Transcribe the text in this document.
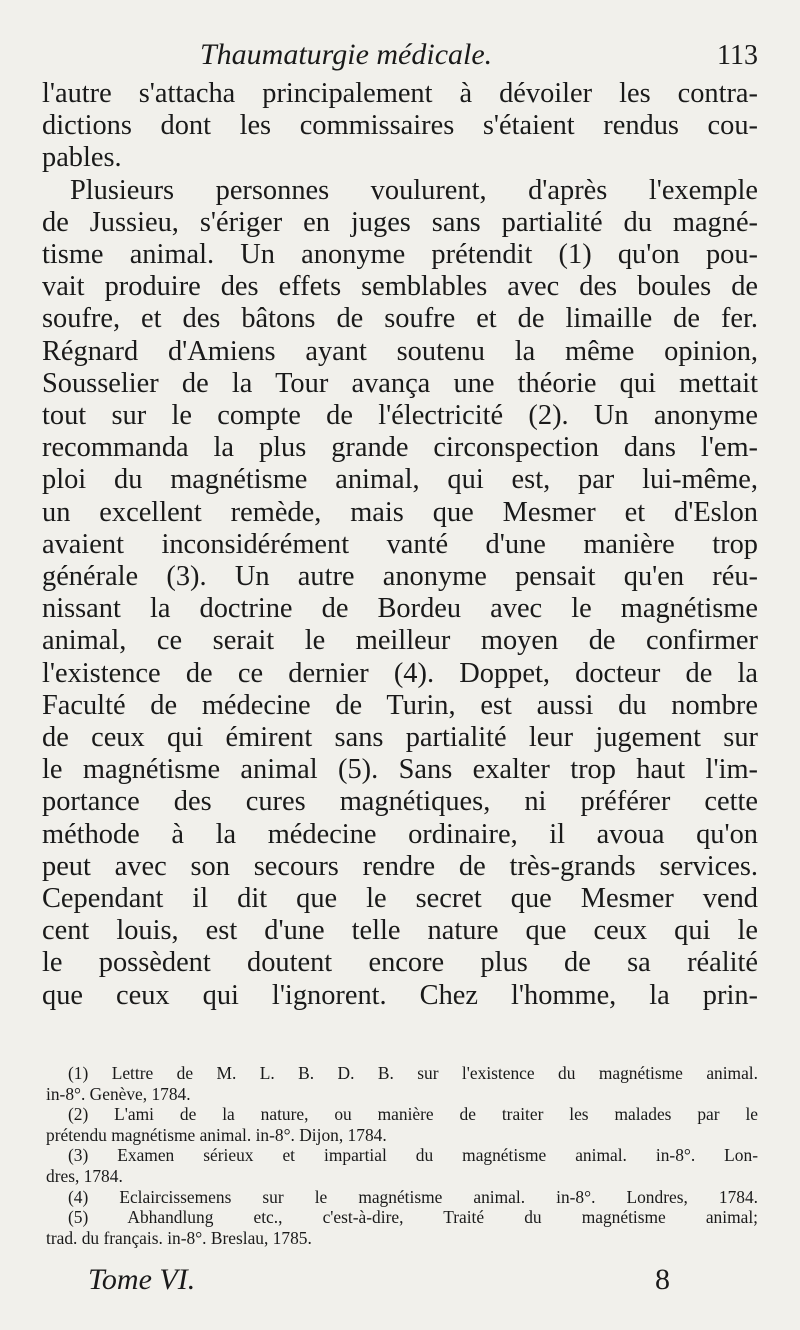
Thaumaturgie médicale.	113
l'autre s'attacha principalement à dévoiler les contra-
dictions dont les commissaires s'étaient rendus cou-
pables.
Plusieurs personnes voulurent, d'après l'exemple
de Jussieu, s'ériger en juges sans partialité du magné-
tisme animal. Un anonyme prétendit (1) qu'on pou-
vait produire des effets semblables avec des boules de
soufre, et des bâtons de soufre et de limaille de fer.
Régnard d'Amiens ayant soutenu la même opinion,
Sousselier de la Tour avança une théorie qui mettait
tout sur le compte de l'électricité (2). Un anonyme
recommanda la plus grande circonspection dans l'em-
ploi du magnétisme animal, qui est, par lui-même,
un excellent remède, mais que Mesmer et d'Eslon
avaient inconsidérément vanté d'une manière trop
générale (3). Un autre anonyme pensait qu'en réu-
nissant la doctrine de Bordeu avec le magnétisme
animal, ce serait le meilleur moyen de confirmer
l'existence de ce dernier (4). Doppet, docteur de la
Faculté de médecine de Turin, est aussi du nombre
de ceux qui émirent sans partialité leur jugement sur
le magnétisme animal (5). Sans exalter trop haut l'im-
portance des cures magnétiques, ni préférer cette
méthode à la médecine ordinaire, il avoua qu'on
peut avec son secours rendre de très-grands services.
Cependant il dit que le secret que Mesmer vend
cent louis, est d'une telle nature que ceux qui le
le possèdent doutent encore plus de sa réalité
que ceux qui l'ignorent. Chez l'homme, la prin-
(1) Lettre de M. L. B. D. B. sur l'existence du magnétisme animal.
in-8°. Genève, 1784.
(2) L'ami de la nature, ou manière de traiter les malades par le
prétendu magnétisme animal. in-8°. Dijon, 1784.
(3) Examen sérieux et impartial du magnétisme animal. in-8°. Lon-
dres, 1784.
(4) Eclaircissemens sur le magnétisme animal. in-8°. Londres, 1784.
(5) Abhandlung etc., c'est-à-dire, Traité du magnétisme animal;
trad. du français. in-8°. Breslau, 1785.
Tome VI.	8
